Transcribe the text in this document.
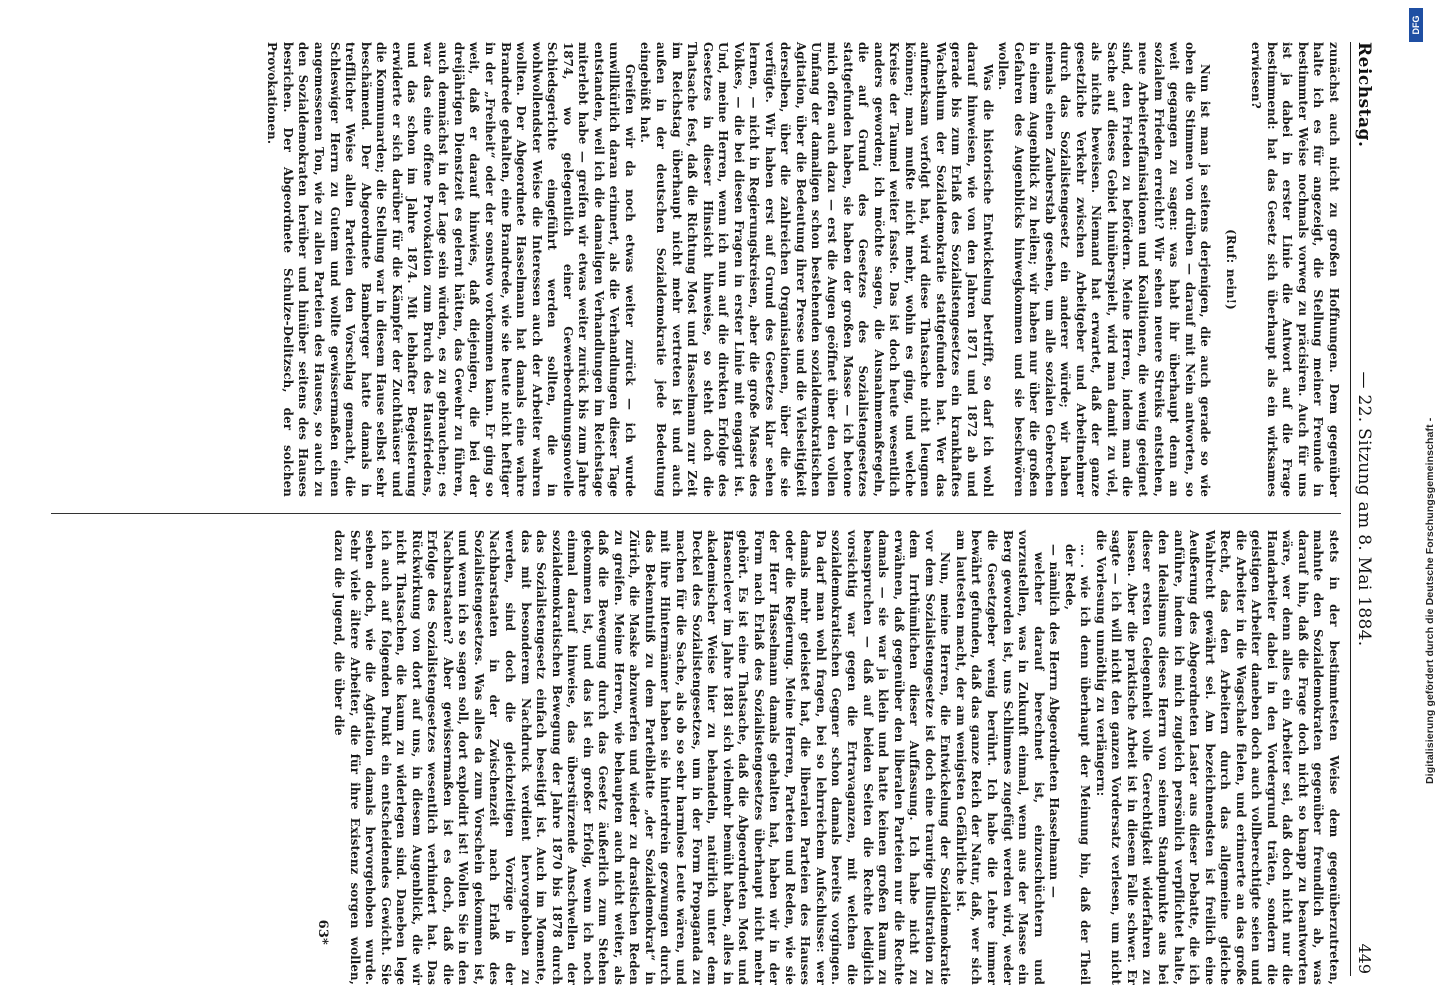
Reichstag.
— 22. Sitzung am 8. Mai 1884.
449

zunächst auch nicht zu großen Hoffnungen. Dem gegenüber halte ich es für angezeigt, die Stellung meiner Freunde in bestimmter Weise nochmals vorweg zu präcisiren. Auch für uns ist ja dabei in erster Linie die Antwort auf die Frage bestimmend: hat das Gesetz sich überhaupt als ein wirksames erwiesen?

(Ruf: nein!)

Nun ist man ja seitens derjenigen, die auch gerade so wie oben die Stimmen von drüben — darauf mit Nein antworten, so weit gegangen zu sagen: was habt ihr überhaupt denn an sozialem Frieden erreicht? Wir sehen neuere Streiks entstehen, neue Arbeitereffanisationen und Koalitionen, die wenig geeignet sind, den Frieden zu befördern. Meine Herren, indem man die Sache auf dieses Gebiet hinüberspielt, wird man damit zu viel, als nichts beweisen. Niemand hat erwartet, daß der ganze gesetzliche Verkehr zwischen Arbeitgeber und Arbeitnehmer durch das Sozialistengesetz ein anderer würde; wir haben niemals einen Zauberstab gesehen, um alle sozialen Gebrechen in einem Augenblick zu heilen; wir haben nur über die großen Gefahren des Augenblicks hinwegkommen und sie beschwören wollen.

Was die historische Entwickelung betrifft, so darf ich wohl darauf hinweisen, wie von den Jahren 1871 und 1872 ab und gerade bis zum Erlaß des Sozialistengesetzes ein krankhaftes Wachsthum der Sozialdemokratie stattgefunden hat. Wer das aufmerksam verfolgt hat, wird diese Thatsache nicht leugnen können; man mußte nicht mehr, wohin es ging, und welche Kreise der Taumel weiter fasste. Das ist doch heute wesentlich anders geworden; ich möchte sagen, die Ausnahmemaßregeln, die auf Grund des Gesetzes des Sozialistengesetzes stattgefunden haben, sie haben der großen Masse — ich betone mich offen auch dazu — erst die Augen geöffnet über den vollen Umfang der damaligen schon bestehenden sozialdemokratischen Agitation, über die Bedeutung ihrer Presse und die Vielseitigkeit derselben, über die zahlreichen Organisationen, über die sie verfügte. Wir haben erst auf Grund des Gesetzes klar sehen lernen, — nicht in Regierungskreisen, aber die große Masse des Volkes, — die bei diesen Fragen in erster Linie mit engagirt ist. Und, meine Herren, wenn ich nun auf die direkten Erfolge des Gesetzes in dieser Hinsicht hinweise, so steht doch die Thatsache fest, daß die Richtung Most und Hasselmann zur Zeit im Reichstag überhaupt nicht mehr vertreten ist und auch außen in der deutschen Sozialdemokratie jede Bedeutung eingebüßt hat.

Greifen wir da noch etwas weiter zurück — ich wurde unwillkürlich daran erinnert, als die Verhandlungen dieser Tage entstanden, weil ich die damaligen Verhandlungen im Reichstage miterlebt habe — greifen wir etwas weiter zurück bis zum Jahre 1874, wo gelegentlich einer Gewerbeordnungsnovelle Schiedsgerichte eingeführt werden sollten, die in wohlwollendster Weise die Interessen auch der Arbeiter wahren wollten. Der Abgeordnete Hasselmann hat damals eine wahre Brandrede gehalten, eine Brandrede, wie sie heute nicht heftiger in der „Freiheit“ oder der sonstwo vorkommen kann. Er ging so weit, daß er darauf hinwies, daß diejenigen, die bei der dreijährigen Dienstzeit es gelernt hätten, das Gewehr zu führen, auch demnächst in der Lage sein würden, es zu gebrauchen; es war das eine offene Provokation zum Bruch des Hausfriedens, und das schon im Jahre 1874. Mit lebhafter Begeisterung erwiderte er sich darüber für die Kämpfer der Zuchthäuser und die Kommunarden; die Stellung war in diesem Hause selbst sehr beschämend. Der Abgeordnete Bamberger hatte damals in trefflicher Weise allen Parteien den Vorschlag gemacht, die Schleswiger Herrn zu Gutem und wollte gewissermaßen einen angemessenen Ton, wie zu allen Parteien des Hauses, so auch zu den Sozialdemokraten herüber und hinüber seitens des Hauses besrichen. Der Abgeordnete Schulze-Delitzsch, der solchen Provokationen.

stets in der bestimmtesten Weise dem gegenüberzutreten, mahnte den Sozialdemokraten gegenüber freundlich ab, was darauf hin, daß die Frage doch nicht so knapp zu beantworten wäre, wer denn alles ein Arbeiter sei, daß doch nicht nur die Handarbeiter dabei in den Vordergrund träten, sondern die geistigen Arbeiter daneben doch auch vollberechtigte seien und die Arbeiter in die Wagschale fielen, und erinnerte an das große Recht, das den Arbeitern durch das allgemeine gleiche Wahlrecht gewährt sei. Am bezeichnendsten ist freilich eine Aeußerung des Abgeordneten Laster aus dieser Debatte, die ich anführe, indem ich mich zugleich persönlich verpflichtet halte, den Idealismus dieses Herrn von seinem Standpunkte aus bei dieser ersten Gelegenheit volle Gerechtigkeit widerfahren zu lassen. Aber die praktische Arbeit ist in diesem Falle schwer. Er sagte — ich will nicht den ganzen Vordersatz verlesen, um nicht die Vorlesung unnöthig zu verlängern:

… . wie ich denn überhaupt der Meinung bin, daß der Theil der Rede,

— nämlich des Herrn Abgeordneten Hasselmann —

welcher darauf berechnet ist, einzuschüchtern und vorzustellen, was in Zukunft einmal, wenn aus der Masse ein Berg geworden ist, uns Schlimmes zugefügt werden wird, weder die Gesetzgeber wenig berührt. Ich habe die Lehre immer bewährt gefunden, daß das ganze Reich der Natur, daß, wer sich am lautesten macht, der am wenigsten Gefährliche ist.

Nun, meine Herren, die Entwickelung der Sozialdemokratie vor dem Sozialistengesetze ist doch eine traurige Illustration zu dem Irrthümlichen dieser Auffassung. Ich habe nicht zu erwähnen, daß gegenüber den liberalen Parteien nur die Rechte damals — sie war ja klein und hatte keinen großen Raum zu beanspruchen — daß auf beiden Seiten die Rechte lediglich vorsichtig war gegen die Ertravaganzen, mit welchen die sozialdemokratischen Gegner schon damals bereits vorgingen. Da darf man wohl fragen, bei so lehrreichem Aufschlusse: wer damals mehr geleistet hat, die liberalen Parteien des Hauses oder die Regierung. Meine Herren, Parteien und Reden, wie sie der Herr Hasselmann damals gehalten hat, haben wir in der Form nach Erlaß des Sozialistengesetzes überhaupt nicht mehr gehört. Es ist eine Thatsache, daß die Abgeordneten Most und Hasenclever im Jahre 1881 sich vielmehr bemüht haben, alles in akademischer Weise hier zu behandeln, natürlich unter dem Deckel des Sozialistengesetzes, um in der Form Propaganda zu machen für die Sache, als ob so sehr harmlose Leute wären, und mit ihre Hintermänner haben sie hinterdrein gezwungen durch das Bekenntniß zu dem Parteiblatte „der Sozialdemokrat“ in Zürich, die Maske abzuwerfen und wieder zu drastischen Reden zu greifen. Meine Herren, wie behaupten auch nicht weiter, als daß die Bewegung durch das Gesetz äußerlich zum Stehen gekommen ist, und das ist ein großer Erfolg, wenn ich noch einmal darauf hinweise, das überstürzende Anschwellen der sozialdemokratischen Bewegung der Jahre 1870 bis 1878 durch das Sozialistengesetz einfach beseitigt ist. Auch im Momente, das mit besonderem Nachdruck verdient hervorgehoben zu werden, sind doch die gleichzeitigen Vorzüge in der Nachbarstaaten in der Zwischenzeit nach Erlaß des Sozialistengesetzes. Was alles da zum Vorschein gekommen ist, und wenn ich so sagen soll, dort explodirt ist! Wollen Sie in den Nachbarstaaten? Aber gewissermaßen ist es doch, daß die Erfolge des Sozialistengesetzes wesentlich verhindert hat. Das Rückwirkung von dort auf uns, in diesem Augenblick, die wir nicht Thatsachen, die kaum zu widerlegen sind. Daneben lege ich auch auf folgenden Punkt ein entscheidendes Gewicht. Sie sehen doch, wie die Agitation damals hervorgehoben wurde. Sehr viele ältere Arbeiter, die für ihre Existenz sorgen wollen, dazu die Jugend, die über die

63*

Digitalisierung gefördert durch die Deutsche Forschungsgemeinschaft -
DFG
